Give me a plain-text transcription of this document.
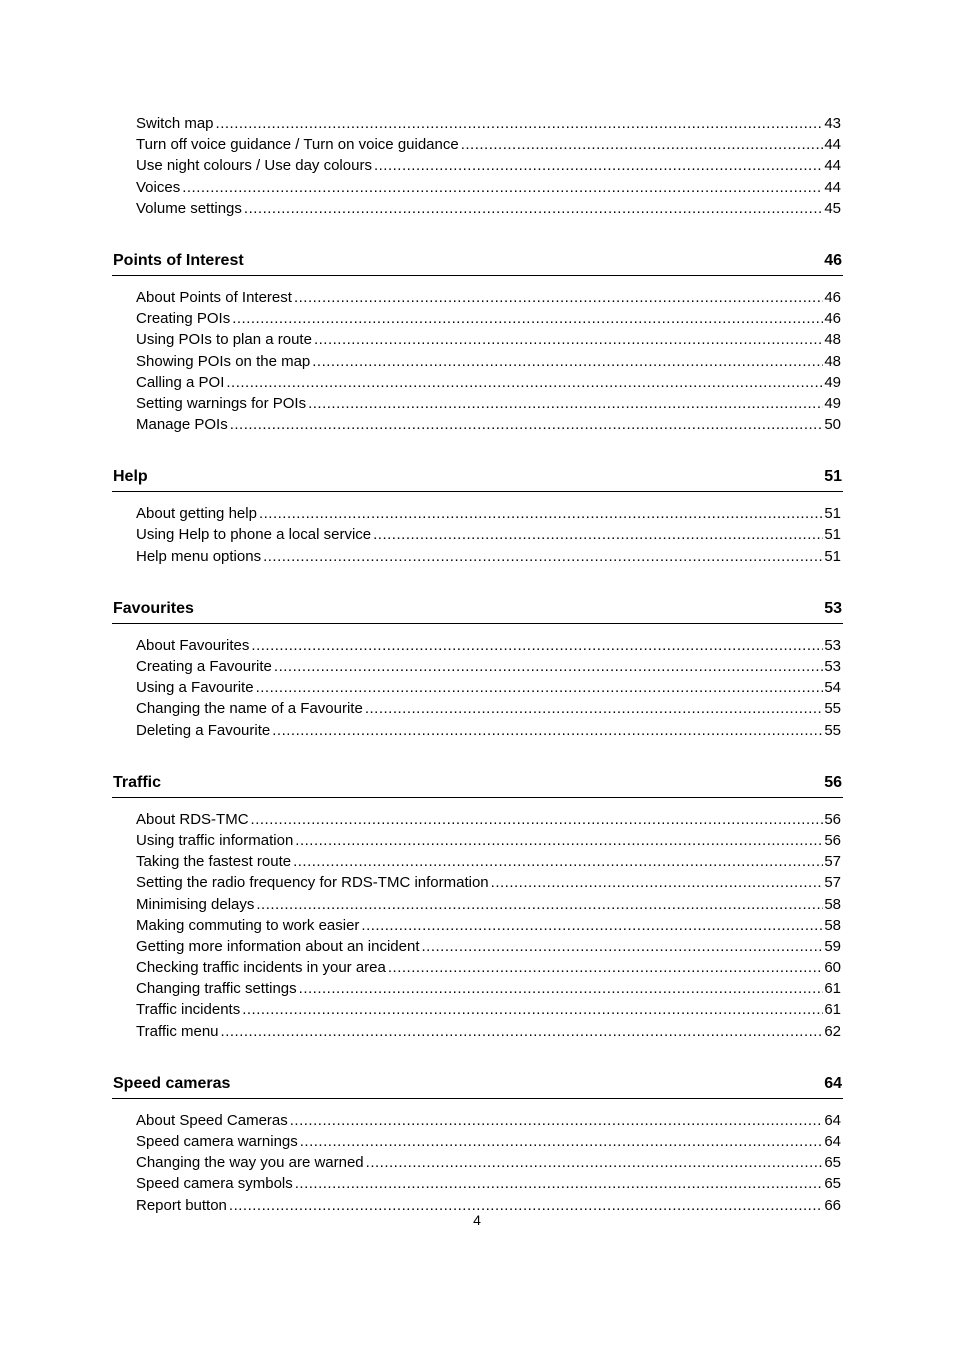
Switch map .....	43
Turn off voice guidance / Turn on voice guidance .....	44
Use night colours / Use day colours .....	44
Voices .....	44
Volume settings .....	45
Points of Interest	46
About Points of Interest .....	46
Creating POIs .....	46
Using POIs to plan a route .....	48
Showing POIs on the map .....	48
Calling a POI .....	49
Setting warnings for POIs .....	49
Manage POIs .....	50
Help	51
About getting help .....	51
Using Help to phone a local service .....	51
Help menu options .....	51
Favourites	53
About Favourites .....	53
Creating a Favourite .....	53
Using a Favourite .....	54
Changing the name of a Favourite .....	55
Deleting a Favourite .....	55
Traffic	56
About RDS-TMC .....	56
Using traffic information .....	56
Taking the fastest route .....	57
Setting the radio frequency for RDS-TMC information .....	57
Minimising delays .....	58
Making commuting to work easier .....	58
Getting more information about an incident .....	59
Checking traffic incidents in your area .....	60
Changing traffic settings .....	61
Traffic incidents .....	61
Traffic menu .....	62
Speed cameras	64
About Speed Cameras .....	64
Speed camera warnings .....	64
Changing the way you are warned .....	65
Speed camera symbols .....	65
Report button .....	66
4
